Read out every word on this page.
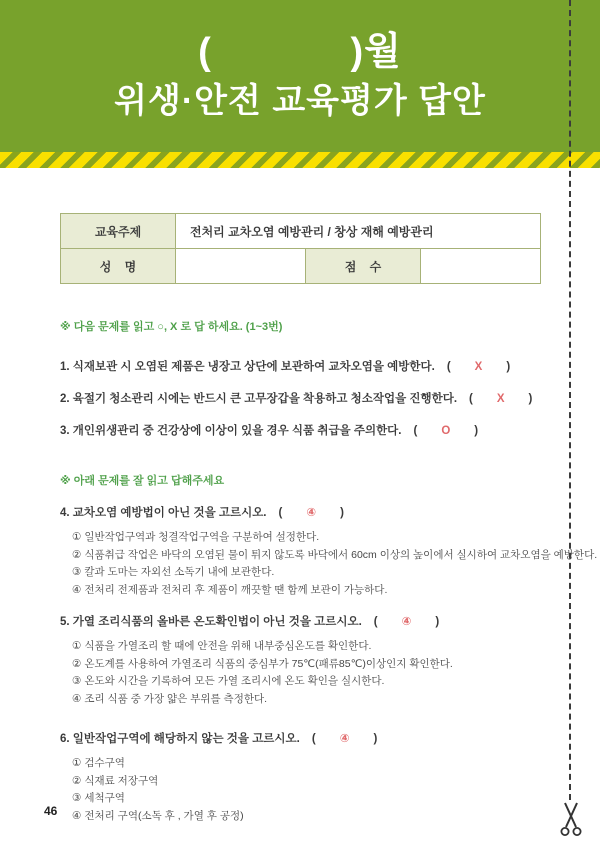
(            )월
위생·안전 교육평가 답안
교육주제	전처리 교차오염 예방관리 / 창상 재해 예방관리		
성    명		점    수	

※ 다음 문제를 읽고 ○, X 로 답 하세요. (1~3번)

1. 식재보관 시 오염된 제품은 냉장고 상단에 보관하여 교차오염을 예방한다. ( X )
2. 육절기 청소관리 시에는 반드시 큰 고무장갑을 착용하고 청소작업을 진행한다. ( X )
3. 개인위생관리 중 건강상에 이상이 있을 경우 식품 취급을 주의한다. ( O )

※ 아래 문제를 잘 읽고 답해주세요

4. 교차오염 예방법이 아닌 것을 고르시오. ( ④ )
① 일반작업구역과 청결작업구역을 구분하여 설정한다.
② 식품취급 작업은 바닥의 오염된 물이 튀지 않도록 바닥에서 60cm 이상의 높이에서 실시하여 교차오염을 예방한다.
③ 칼과 도마는 자외선 소독기 내에 보관한다.
④ 전처리 전제품과 전처리 후 제품이 깨끗할 땐 함께 보관이 가능하다.
5. 가열 조리식품의 올바른 온도확인법이 아닌 것을 고르시오. ( ④ )
① 식품을 가열조리 할 때에 안전을 위해 내부중심온도를 확인한다.
② 온도계를 사용하여 가열조리 식품의 중심부가 75℃(패류85℃)이상인지 확인한다.
③ 온도와 시간을 기록하여 모든 가열 조리시에 온도 확인을 실시한다.
④ 조리 식품 중 가장 얇은 부위를 측정한다.
6. 일반작업구역에 해당하지 않는 것을 고르시오. ( ④ )
① 검수구역
② 식재료 저장구역
③ 세척구역
④ 전처리 구역(소독 후 , 가열 후 공정)
46
